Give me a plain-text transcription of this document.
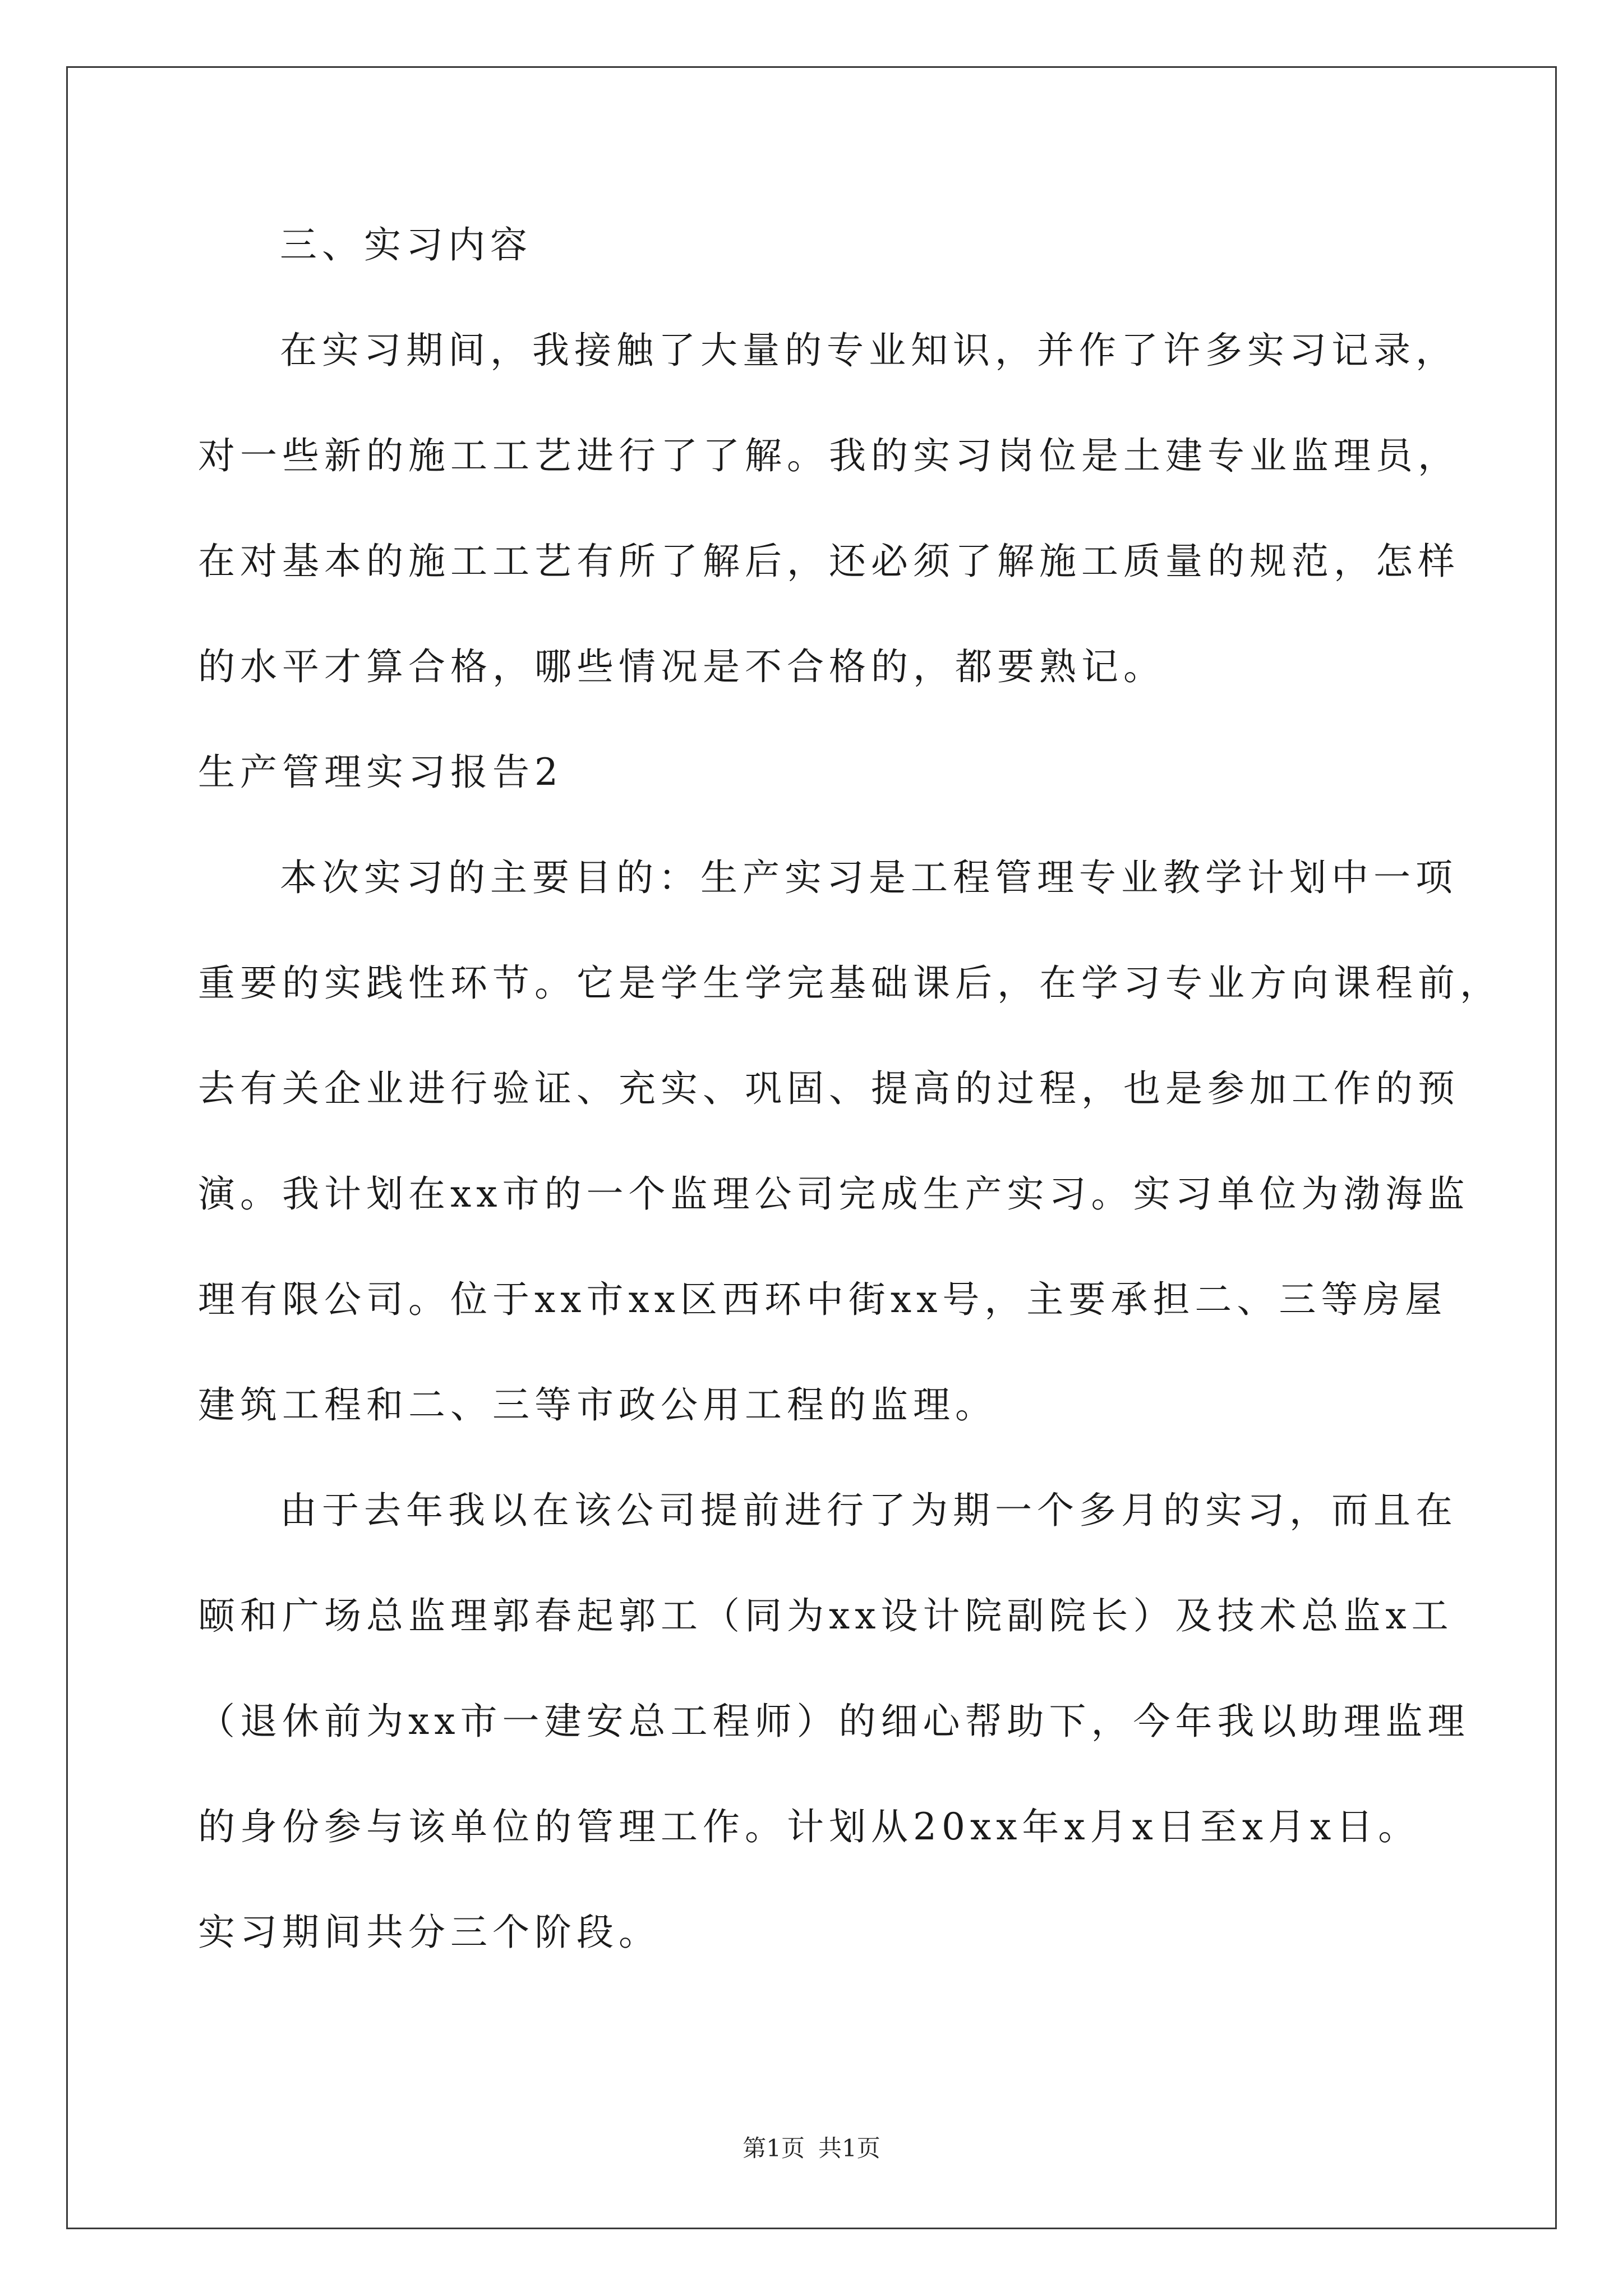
三、实习内容

在实习期间，我接触了大量的专业知识，并作了许多实习记录，

对一些新的施工工艺进行了了解。我的实习岗位是土建专业监理员，

在对基本的施工工艺有所了解后，还必须了解施工质量的规范，怎样

的水平才算合格，哪些情况是不合格的，都要熟记。

生产管理实习报告2

本次实习的主要目的：生产实习是工程管理专业教学计划中一项

重要的实践性环节。它是学生学完基础课后，在学习专业方向课程前，

去有关企业进行验证、充实、巩固、提高的过程，也是参加工作的预

演。我计划在xx市的一个监理公司完成生产实习。实习单位为渤海监

理有限公司。位于xx市xx区西环中街xx号，主要承担二、三等房屋

建筑工程和二、三等市政公用工程的监理。

由于去年我以在该公司提前进行了为期一个多月的实习，而且在

颐和广场总监理郭春起郭工（同为xx设计院副院长）及技术总监x工

（退休前为xx市一建安总工程师）的细心帮助下，今年我以助理监理

的身份参与该单位的管理工作。计划从20xx年x月x日至x月x日。

实习期间共分三个阶段。

第1页 共1页
